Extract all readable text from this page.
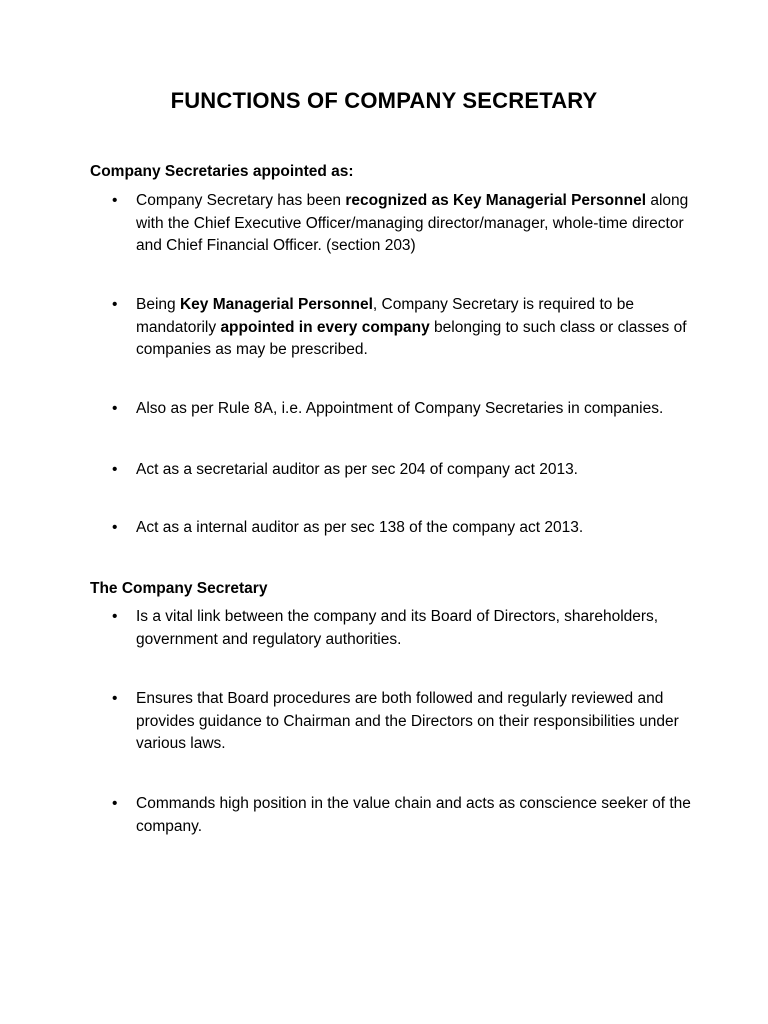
FUNCTIONS OF COMPANY SECRETARY
Company Secretaries appointed as:
• Company Secretary has been recognized as Key Managerial Personnel along with the Chief Executive Officer/managing director/manager, whole-time director and Chief Financial Officer. (section 203)
• Being Key Managerial Personnel, Company Secretary is required to be mandatorily appointed in every company belonging to such class or classes of companies as may be prescribed.
• Also as per Rule 8A, i.e. Appointment of Company Secretaries in companies.
• Act as a secretarial auditor as per sec 204 of company act 2013.
• Act as a internal auditor as per sec 138 of the company act 2013.
The Company Secretary
• Is a vital link between the company and its Board of Directors, shareholders, government and regulatory authorities.
• Ensures that Board procedures are both followed and regularly reviewed and provides guidance to Chairman and the Directors on their responsibilities under various laws.
• Commands high position in the value chain and acts as conscience seeker of the company.
